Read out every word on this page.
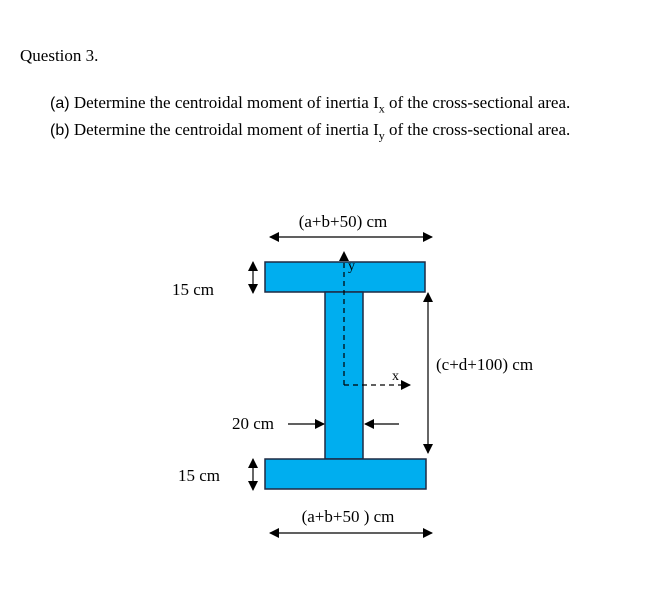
Question 3.
(a) Determine the centroidal moment of inertia $I_x$ of the cross-sectional area.
(b) Determine the centroidal moment of inertia $I_y$ of the cross-sectional area.
y
x
(a+b+50) cm
(a+b+50 ) cm
15 cm
15 cm
(c+d+100) cm
20 cm
